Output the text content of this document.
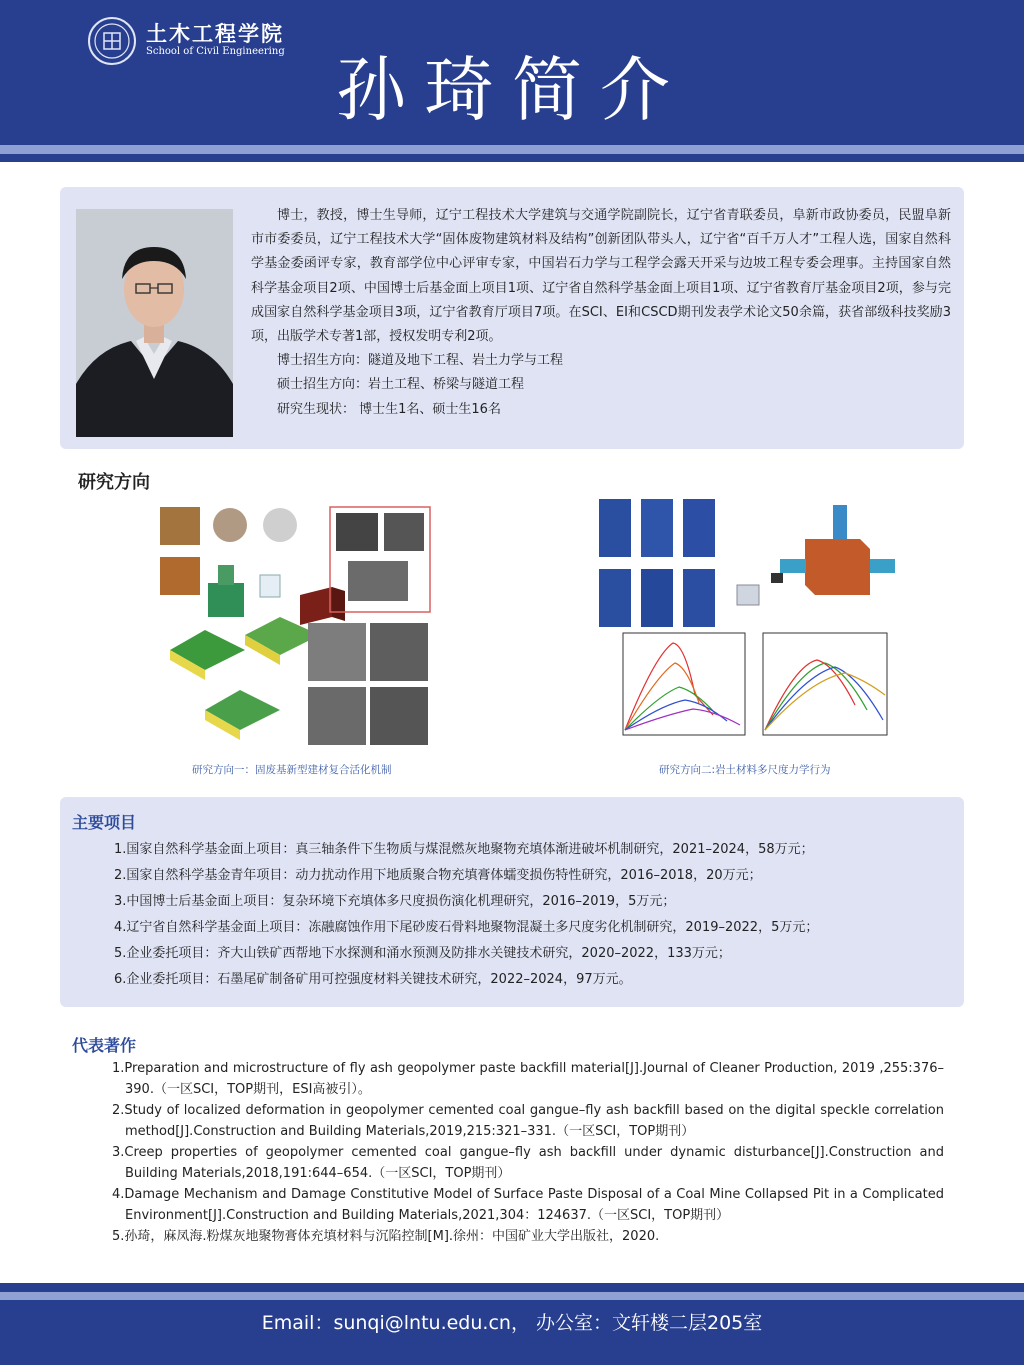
土木工程学院
School of Civil Engineering 孙琦简介

博士，教授，博士生导师，辽宁工程技术大学建筑与交通学院副院长，辽宁省青联委员，阜新市政协委员，民盟阜新市市委委员，辽宁工程技术大学“固体废物建筑材料及结构”创新团队带头人，辽宁省“百千万人才”工程人选，国家自然科学基金委函评专家，教育部学位中心评审专家，中国岩石力学与工程学会露天开采与边坡工程专委会理事。主持国家自然科学基金项目2项、中国博士后基金面上项目1项、辽宁省自然科学基金面上项目1项、辽宁省教育厅基金项目2项，参与完成国家自然科学基金项目3项，辽宁省教育厅项目7项。在SCI、EI和CSCD期刊发表学术论文50余篇，获省部级科技奖励3项，出版学术专著1部，授权发明专利2项。

博士招生方向：隧道及地下工程、岩土力学与工程

硕士招生方向：岩土工程、桥梁与隧道工程

研究生现状： 博士生1名、硕士生16名

研究方向
研究方向一：固废基新型建材复合活化机制	研究方向二:岩土材料多尺度力学行为
主要项目
1.国家自然科学基金面上项目：真三轴条件下生物质与煤混燃灰地聚物充填体渐进破坏机制研究，2021–2024，58万元；
2.国家自然科学基金青年项目：动力扰动作用下地质聚合物充填膏体蠕变损伤特性研究，2016–2018，20万元；
3.中国博士后基金面上项目：复杂环境下充填体多尺度损伤演化机理研究，2016–2019，5万元；
4.辽宁省自然科学基金面上项目：冻融腐蚀作用下尾砂废石骨料地聚物混凝土多尺度劣化机制研究，2019–2022，5万元；
5.企业委托项目：齐大山铁矿西帮地下水探测和涌水预测及防排水关键技术研究，2020–2022，133万元；
6.企业委托项目：石墨尾矿制备矿用可控强度材料关键技术研究，2022–2024，97万元。
代表著作
1.Preparation and microstructure of fly ash geopolymer paste backfill material[J].Journal of Cleaner Production, 2019 ,255:376–390.（一区SCI，TOP期刊，ESI高被引）。
2.Study of localized deformation in geopolymer cemented coal gangue–fly ash backfill based on the digital speckle correlation method[J].Construction and Building Materials,2019,215:321–331.（一区SCI，TOP期刊）
3.Creep properties of geopolymer cemented coal gangue–fly ash backfill under dynamic disturbance[J].Construction and Building Materials,2018,191:644–654.（一区SCI，TOP期刊）
4.Damage Mechanism and Damage Constitutive Model of Surface Paste Disposal of a Coal Mine Collapsed Pit in a Complicated Environment[J].Construction and Building Materials,2021,304：124637.（一区SCI，TOP期刊）
5.孙琦，麻凤海.粉煤灰地聚物膏体充填材料与沉陷控制[M].徐州：中国矿业大学出版社，2020.
Email：sunqi@lntu.edu.cn， 办公室：文轩楼二层205室
